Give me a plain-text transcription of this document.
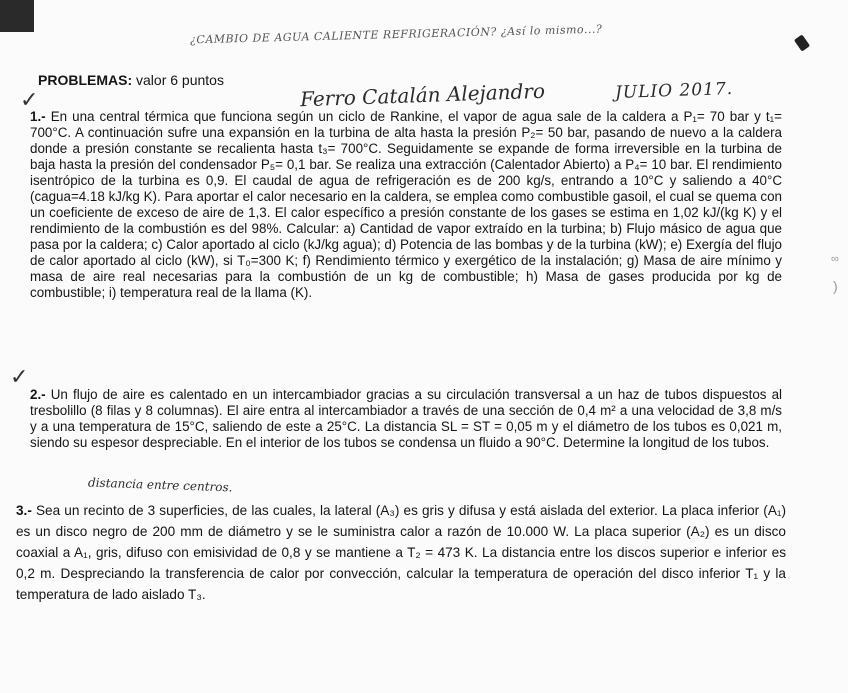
¿CAMBIO DE AGUA CALIENTE REFRIGERACIÓN? ¿Así lo mismo...?
PROBLEMAS: valor 6 puntos	Ferro Catalán Alejandro	JULIO 2017.
✓

1.- En una central térmica que funciona según un ciclo de Rankine, el vapor de agua sale de la caldera a P₁= 70 bar y t₁= 700°C. A continuación sufre una expansión en la turbina de alta hasta la presión P₂= 50 bar, pasando de nuevo a la caldera donde a presión constante se recalienta hasta t₃= 700°C. Seguidamente se expande de forma irreversible en la turbina de baja hasta la presión del condensador P₅= 0,1 bar. Se realiza una extracción (Calentador Abierto) a P₄= 10 bar. El rendimiento isentrópico de la turbina es 0,9. El caudal de agua de refrigeración es de 200 kg/s, entrando a 10°C y saliendo a 40°C (cagua=4.18 kJ/kg K). Para aportar el calor necesario en la caldera, se emplea como combustible gasoil, el cual se quema con un coeficiente de exceso de aire de 1,3. El calor específico a presión constante de los gases se estima en 1,02 kJ/(kg K) y el rendimiento de la combustión es del 98%. Calcular: a) Cantidad de vapor extraído en la turbina; b) Flujo másico de agua que pasa por la caldera; c) Calor aportado al ciclo (kJ/kg agua); d) Potencia de las bombas y de la turbina (kW); e) Exergía del flujo de calor aportado al ciclo (kW), si T₀=300 K; f) Rendimiento térmico y exergético de la instalación; g) Masa de aire mínimo y masa de aire real necesarias para la combustión de un kg de combustible; h) Masa de gases producida por kg de combustible; i) temperatura real de la llama (K).

✓

2.- Un flujo de aire es calentado en un intercambiador gracias a su circulación transversal a un haz de tubos dispuestos al tresbolillo (8 filas y 8 columnas). El aire entra al intercambiador a través de una sección de 0,4 m² a una velocidad de 3,8 m/s y a una temperatura de 15°C, saliendo de este a 25°C. La distancia SL = ST = 0,05 m y el diámetro de los tubos es 0,021 m, siendo su espesor despreciable. En el interior de los tubos se condensa un fluido a 90°C. Determine la longitud de los tubos.

distancia entre centros.

3.- Sea un recinto de 3 superficies, de las cuales, la lateral (A₃) es gris y difusa y está aislada del exterior. La placa inferior (A₁) es un disco negro de 200 mm de diámetro y se le suministra calor a razón de 10.000 W. La placa superior (A₂) es un disco coaxial a A₁, gris, difuso con emisividad de 0,8 y se mantiene a T₂ = 473 K. La distancia entre los discos superior e inferior es 0,2 m. Despreciando la transferencia de calor por convección, calcular la temperatura de operación del disco inferior T₁ y la temperatura de lado aislado T₃.

∞
)
